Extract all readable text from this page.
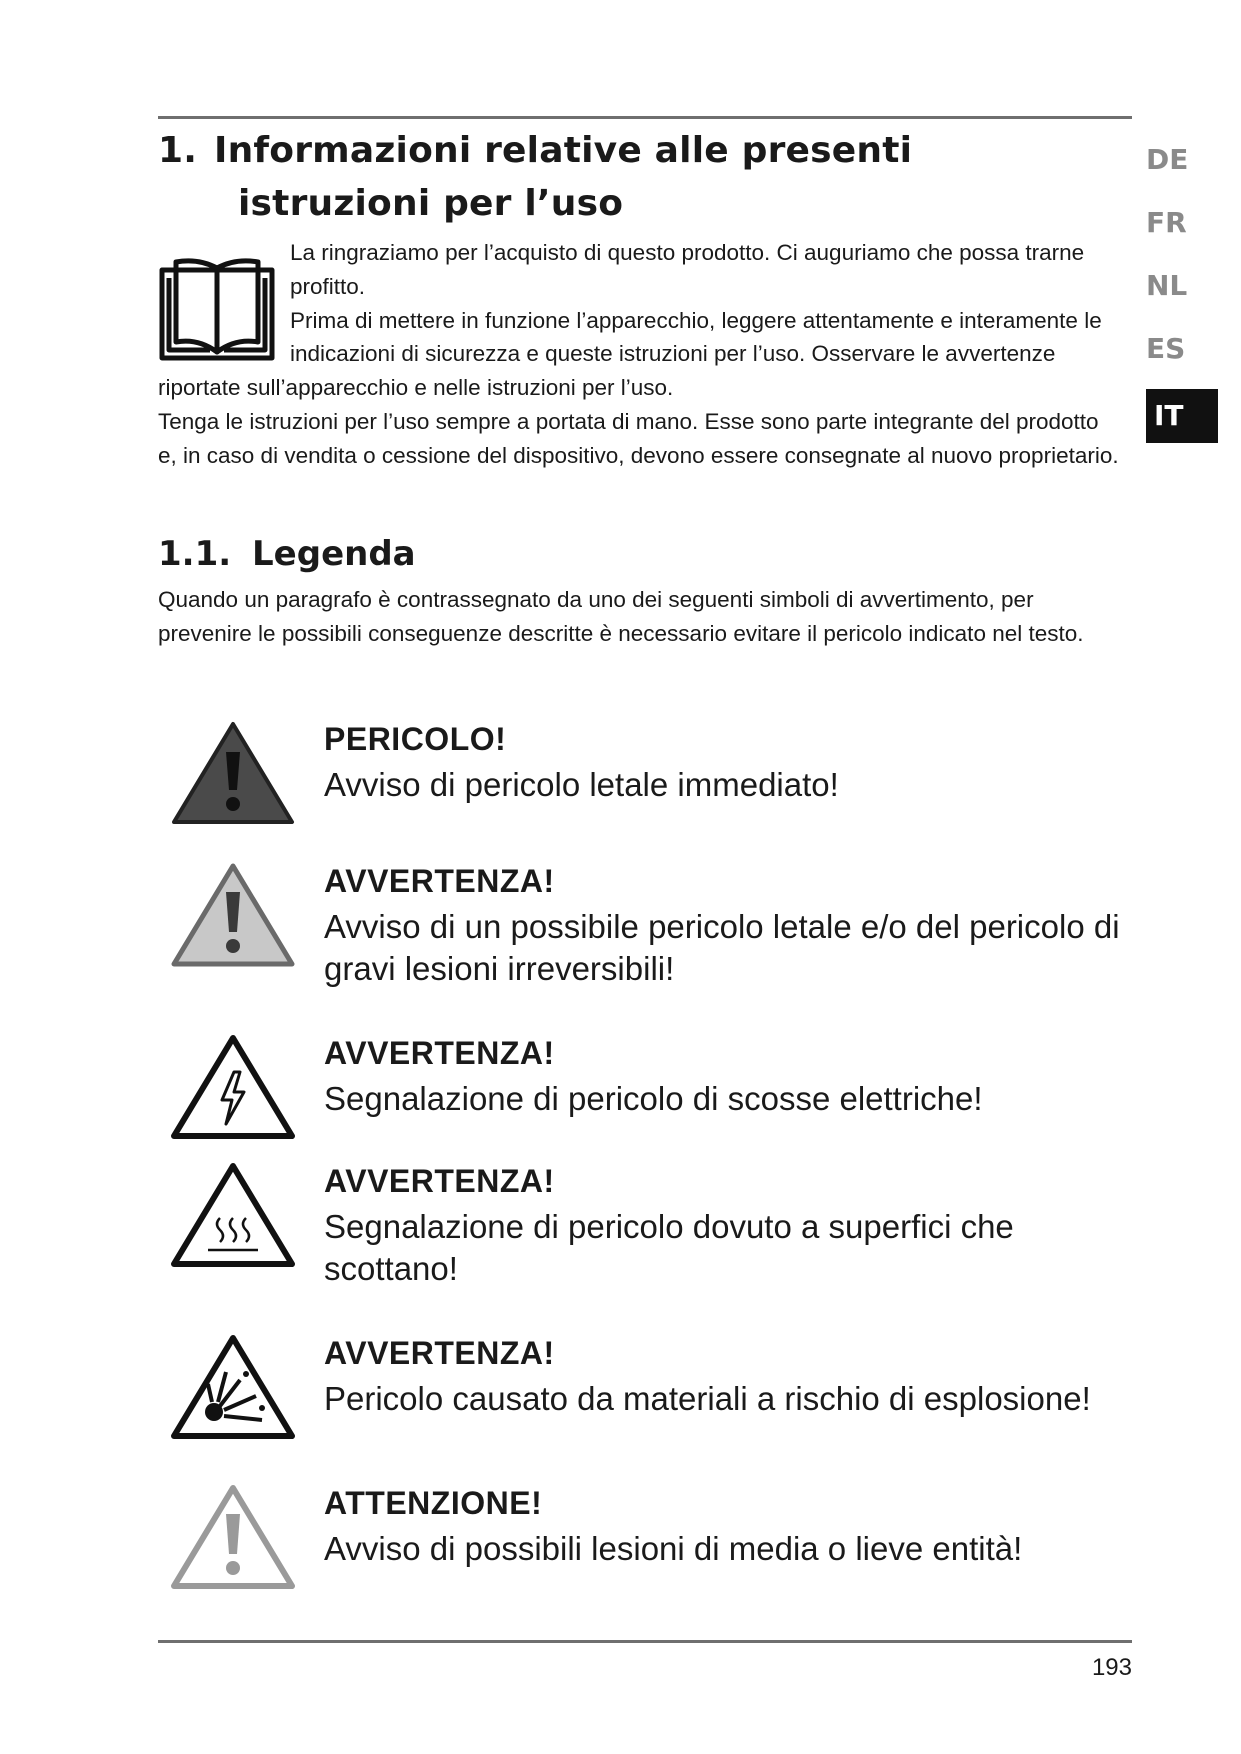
1. Informazioni relative alle presenti
istruzioni per l’uso
DE
FR
NL
ES
IT

La ringraziamo per l’acquisto di questo prodotto. Ci auguriamo che possa trarne profitto.

Prima di mettere in funzione l’apparecchio, leggere attentamente e interamente le indicazioni di sicurezza e queste istruzioni per l’uso. Osservare le avvertenze riportate sull’apparecchio e nelle istruzioni per l’uso.

Tenga le istruzioni per l’uso sempre a portata di mano. Esse sono parte integrante del prodotto e, in caso di vendita o cessione del dispositivo, devono essere consegnate al nuovo proprietario.

1.1. Legenda

Quando un paragrafo è contrassegnato da uno dei seguenti simboli di avvertimento, per prevenire le possibili conseguenze descritte è necessario evitare il pericolo indicato nel testo.

PERICOLO!
Avviso di pericolo letale immediato!
AVVERTENZA!
Avviso di un possibile pericolo letale e/o del pericolo di gravi lesioni irreversibili!
AVVERTENZA!
Segnalazione di pericolo di scosse elettriche!
AVVERTENZA!
Segnalazione di pericolo dovuto a superfici che scottano!
AVVERTENZA!
Pericolo causato da materiali a rischio di esplosione!
ATTENZIONE!
Avviso di possibili lesioni di media o lieve entità!
193
